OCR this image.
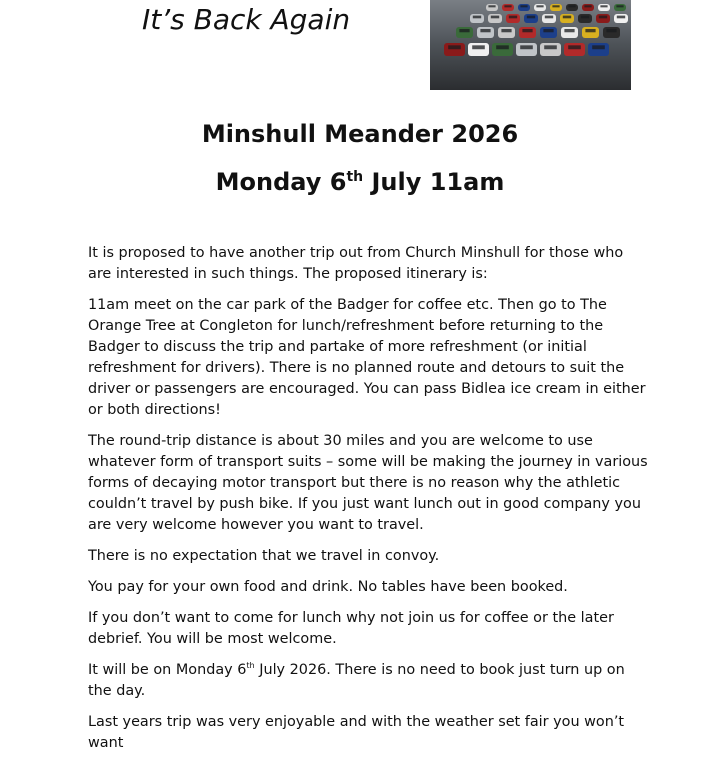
It’s Back Again
Minshull Meander 2026
Monday 6th July 11am

It is proposed to have another trip out from Church Minshull for those who are interested in such things. The proposed itinerary is:

11am meet on the car park of the Badger for coffee etc. Then go to The Orange Tree at Congleton for lunch/refreshment before returning to the Badger to discuss the trip and partake of more refreshment (or initial refreshment for drivers). There is no planned route and detours to suit the driver or passengers are encouraged. You can pass Bidlea ice cream in either or both directions!

The round-trip distance is about 30 miles and you are welcome to use whatever form of transport suits – some will be making the journey in various forms of decaying motor transport but there is no reason why the athletic couldn’t travel by push bike. If you just want lunch out in good company you are very welcome however you want to travel.

There is no expectation that we travel in convoy.

You pay for your own food and drink. No tables have been booked.

If you don’t want to come for lunch why not join us for coffee or the later debrief. You will be most welcome.

It will be on Monday 6th July 2026. There is no need to book just turn up on the day.

Last years trip was very enjoyable and with the weather set fair you won’t want
